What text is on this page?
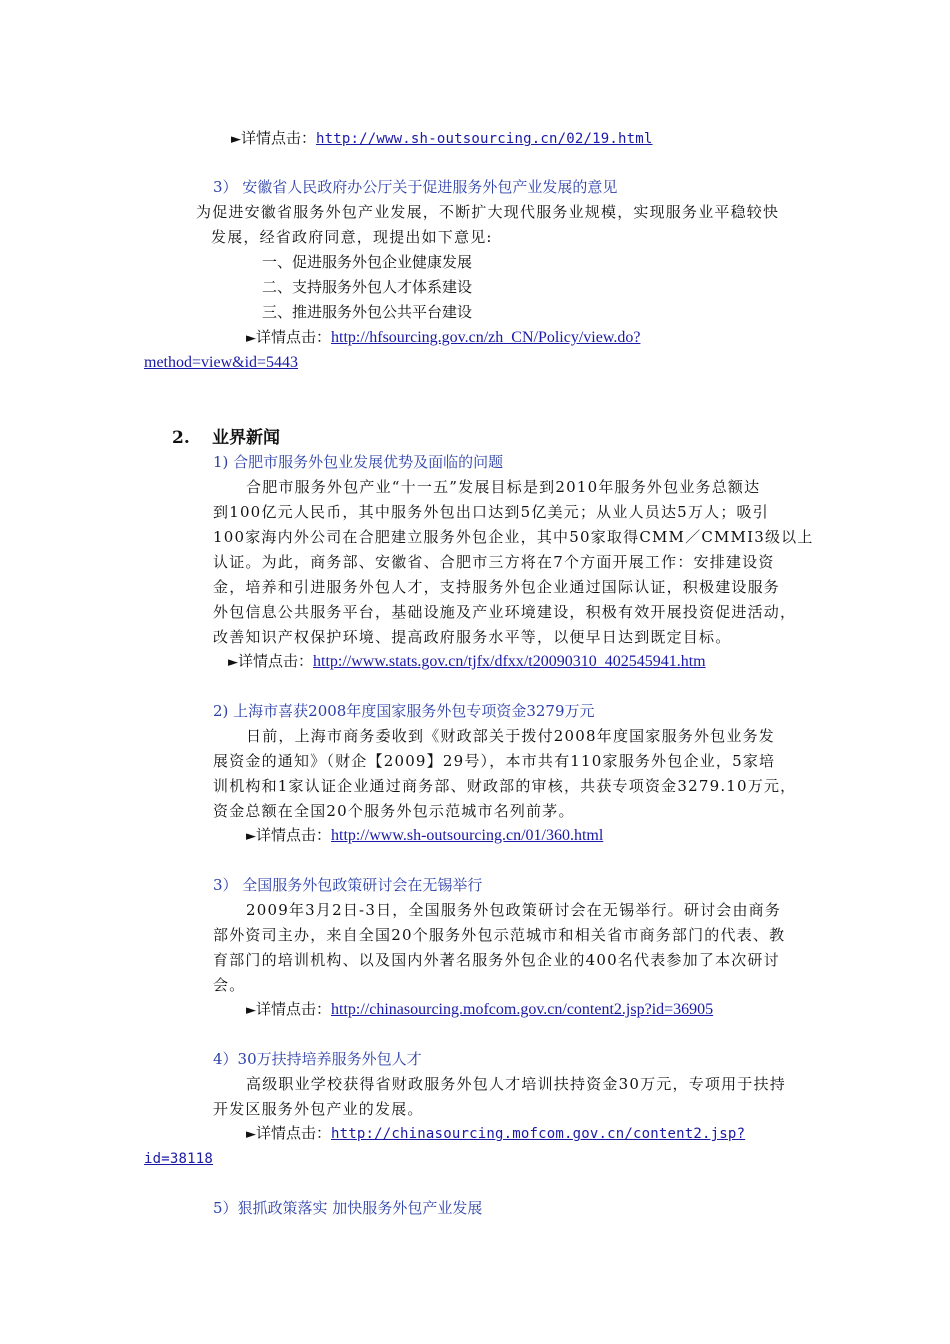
►详情点击：http://www.sh-outsourcing.cn/02/19.html
3） 安徽省人民政府办公厅关于促进服务外包产业发展的意见
为促进安徽省服务外包产业发展，不断扩大现代服务业规模，实现服务业平稳较快
发展，经省政府同意，现提出如下意见:
一、促进服务外包企业健康发展
二、支持服务外包人才体系建设
三、推进服务外包公共平台建设
►详情点击：http://hfsourcing.gov.cn/zh_CN/Policy/view.do?
method=view&id=5443
2. 业界新闻
1) 合肥市服务外包业发展优势及面临的问题
合肥市服务外包产业“十一五”发展目标是到2010年服务外包业务总额达
到100亿元人民币，其中服务外包出口达到5亿美元；从业人员达5万人；吸引
100家海内外公司在合肥建立服务外包企业，其中50家取得CMM／CMMI3级以上
认证。为此，商务部、安徽省、合肥市三方将在7个方面开展工作：安排建设资
金，培养和引进服务外包人才，支持服务外包企业通过国际认证，积极建设服务
外包信息公共服务平台，基础设施及产业环境建设，积极有效开展投资促进活动，
改善知识产权保护环境、提高政府服务水平等，以便早日达到既定目标。
►详情点击：http://www.stats.gov.cn/tjfx/dfxx/t20090310_402545941.htm
2) 上海市喜获2008年度国家服务外包专项资金3279万元
日前，上海市商务委收到《财政部关于拨付2008年度国家服务外包业务发
展资金的通知》（财企【2009】29号），本市共有110家服务外包企业，5家培
训机构和1家认证企业通过商务部、财政部的审核，共获专项资金3279.10万元，
资金总额在全国20个服务外包示范城市名列前茅。
►详情点击：http://www.sh-outsourcing.cn/01/360.html
3） 全国服务外包政策研讨会在无锡举行
2009年3月2日-3日，全国服务外包政策研讨会在无锡举行。研讨会由商务
部外资司主办，来自全国20个服务外包示范城市和相关省市商务部门的代表、教
育部门的培训机构、以及国内外著名服务外包企业的400名代表参加了本次研讨
会。
►详情点击：http://chinasourcing.mofcom.gov.cn/content2.jsp?id=36905
4）30万扶持培养服务外包人才
高级职业学校获得省财政服务外包人才培训扶持资金30万元，专项用于扶持
开发区服务外包产业的发展。
►详情点击：http://chinasourcing.mofcom.gov.cn/content2.jsp?
id=38118
5）狠抓政策落实 加快服务外包产业发展
